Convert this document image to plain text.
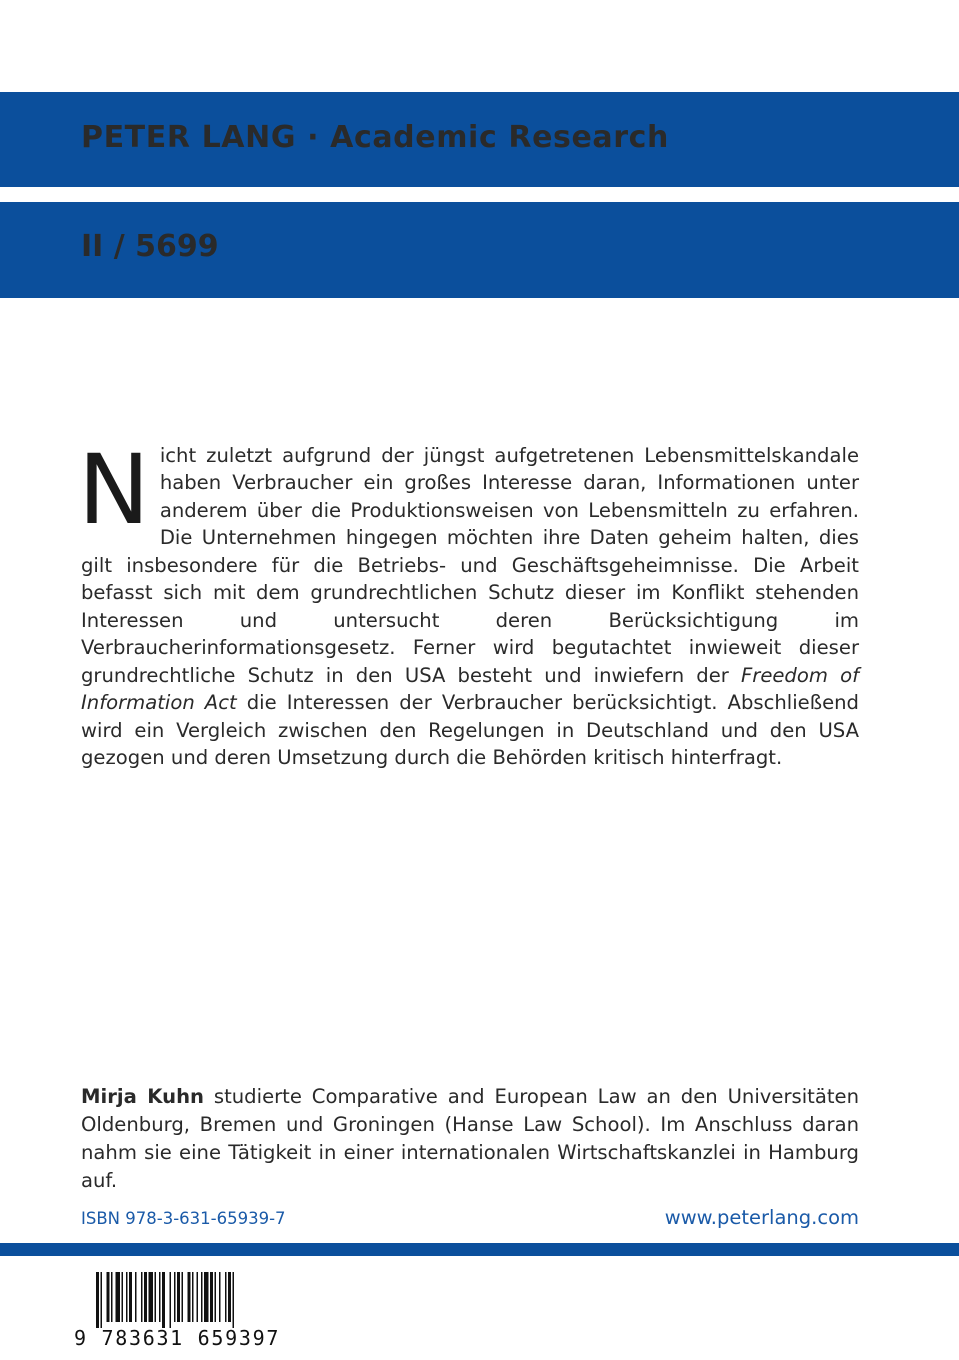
PETER LANG · Academic Research
II / 5699

Nicht zuletzt aufgrund der jüngst aufgetretenen Lebensmittelskandale haben Verbraucher ein großes Interesse daran, Informationen unter anderem über die Produktionsweisen von Lebensmitteln zu erfahren. Die Unternehmen hingegen möchten ihre Daten geheim halten, dies gilt insbesondere für die Betriebs- und Geschäftsgeheimnisse. Die Arbeit befasst sich mit dem grundrechtlichen Schutz dieser im Konflikt stehenden Interessen und untersucht deren Berücksichtigung im Verbraucherinformationsgesetz. Ferner wird begutachtet inwieweit dieser grundrechtliche Schutz in den USA besteht und inwiefern der Freedom of Information Act die Interessen der Verbraucher berücksichtigt. Abschließend wird ein Vergleich zwischen den Regelungen in Deutschland und den USA gezogen und deren Umsetzung durch die Behörden kritisch hinterfragt.

Mirja Kuhn studierte Comparative and European Law an den Universitäten Oldenburg, Bremen und Groningen (Hanse Law School). Im Anschluss daran nahm sie eine Tätigkeit in einer internationalen Wirtschaftskanzlei in Hamburg auf.

ISBN 978-3-631-65939-7	www.peterlang.com
9 783631 659397
